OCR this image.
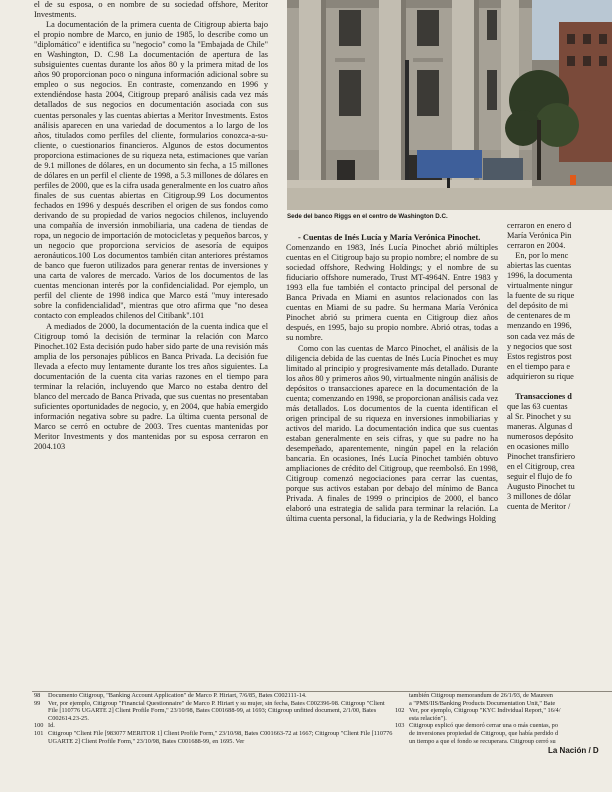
el de su esposa, o en nombre de su sociedad offshore, Meritor Investments.

La documentación de la primera cuenta de Citigroup abierta bajo el propio nombre de Marco, en junio de 1985, lo describe como un "diplomático" e identifica su "negocio" como la "Embajada de Chile" en Washington, D. C.98 La documentación de apertura de las subsiguientes cuentas durante los años 80 y la primera mitad de los años 90 proporcionan poco o ninguna información adicional sobre su empleo o sus negocios. En contraste, comenzando en 1996 y extendiéndose hasta 2004, Citigroup preparó análisis cada vez más detallados de sus negocios en documentación asociada con sus cuentas personales y las cuentas abiertas a Meritor Investments. Estos análisis aparecen en una variedad de documentos a lo largo de los años, titulados como perfiles del cliente, formularios conozca-a-su-cliente, o cuestionarios financieros. Algunos de estos documentos proporciona estimaciones de su riqueza neta, estimaciones que varían de 9.1 millones de dólares, en un documento sin fecha, a 15 millones de dólares en un perfil el cliente de 1998, a 5.3 millones de dólares en perfiles de 2000, que es la cifra usada generalmente en los cuatro años finales de sus cuentas abiertas en Citigroup.99 Los documentos fechados en 1996 y después describen el origen de sus fondos como derivando de su propiedad de varios negocios chilenos, incluyendo una compañía de inversión inmobiliaria, una cadena de tiendas de ropa, un negocio de importación de motocicletas y pequeños barcos, y un negocio que proporciona servicios de asesoría de equipos aeronáuticos.100 Los documentos también citan anteriores préstamos de banco que fueron utilizados para generar rentas de inversiones y una carta de valores de mercado. Varios de los documentos de las cuentas mencionan interés por la confidencialidad. Por ejemplo, un perfil del cliente de 1998 indica que Marco está "muy interesado sobre la confidencialidad", mientras que otro afirma que "no desea contacto con empleados chilenos del Citibank".101

A mediados de 2000, la documentación de la cuenta indica que el Citigroup tomó la decisión de terminar la relación con Marco Pinochet.102 Esta decisión pudo haber sido parte de una revisión más amplia de los personajes públicos en Banca Privada. La decisión fue llevada a efecto muy lentamente durante los tres años siguientes. La documentación de la cuenta cita varias razones en el tiempo para terminar la relación, incluyendo que Marco no estaba dentro del blanco del mercado de Banca Privada, que sus cuentas no presentaban suficientes oportunidades de negocio, y, en 2004, que había emergido información negativa sobre su padre. La última cuenta personal de Marco se cerró en octubre de 2003. Tres cuentas mantenidas por Meritor Investments y dos mantenidas por su esposa cerraron en 2004.103

Sede del banco Riggs en el centro de Washington D.C.

- Cuentas de Inés Lucía y María Verónica Pinochet.

Comenzando en 1983, Inés Lucía Pinochet abrió múltiples cuentas en el Citigroup bajo su propio nombre; el nombre de su sociedad offshore, Redwing Holdings; y el nombre de su fiduciario offshore numerado, Trust MT-4964N. Entre 1983 y 1993 ella fue también el contacto principal del personal de Banca Privada en Miami en asuntos relacionados con las cuentas en Miami de su padre. Su hermana María Verónica Pinochet abrió su primera cuenta en Citigroup diez años después, en 1995, bajo su propio nombre. Abrió otras, todas a su nombre.

Como con las cuentas de Marco Pinochet, el análisis de la diligencia debida de las cuentas de Inés Lucía Pinochet es muy limitado al principio y progresivamente más detallado. Durante los años 80 y primeros años 90, virtualmente ningún análisis de depósitos o transacciones aparece en la documentación de la cuenta; comenzando en 1998, se proporcionan análisis cada vez más detallados. Los documentos de la cuenta identifican el origen principal de su riqueza en inversiones inmobiliarias y activos del marido. La documentación indica que sus cuentas estaban generalmente en seis cifras, y que su padre no ha desempeñado, aparentemente, ningún papel en la relación bancaria. En ocasiones, Inés Lucía Pinochet también obtuvo ampliaciones de crédito del Citigroup, que reembolsó. En 1998, Citigroup comenzó negociaciones para cerrar las cuentas, porque sus activos estaban por debajo del mínimo de Banca Privada. A finales de 1999 o principios de 2000, el banco elaboró una estrategia de salida para terminar la relación. La última cuenta personal, la fiduciaria, y la de Redwings Holding

cerraron en enero d
María Verónica Pin
cerraron en 2004.
En, por lo menc
abiertas las cuentas
1996, la documenta
virtualmente ningur
la fuente de su rique
del depósito de mi
de centenares de m
menzando en 1996,
son cada vez más de
y negocios que sost
Estos registros post
en el tiempo para e
adquirieron su rique
Transacciones d
que las 63 cuentas
al Sr. Pinochet y su
maneras. Algunas d
numerosos depósito
en ocasiones millo
Pinochet transfiriero
en el Citigroup, crea
seguir el flujo de fo
Augusto Pinochet tu
3 millones de dólar
cuenta de Meritor /
98	Documento Citigroup, "Banking Account Application" de Marco P. Hiriart, 7/6/85, Bates C002111-14.
99	Ver, por ejemplo, Citigroup "Financial Questionnaire" de Marco P. Hiriart y su mujer, sin fecha, Bates C002396-98. Citigroup "Client File [110776 UGARTE 2] Client Profile Form," 23/10/98, Bates C001688-99, at 1693; Citigroup unfitted document, 2/1/00, Bates C002614.23-25.
100 Id.
101 Citigroup "Client File [983077 MERITOR 1] Client Profile Form," 23/10/98, Bates C001663-72 at 1667; Citigroup "Client File [110776 UGARTE 2] Client Profile Form," 23/10/98, Bates C001688-99, en 1695. Ver
también Citigroup memorandum de 26/1/93, de Maureen
a "PMS/IIS/Banking Products Documentation Unit," Bate
102 Ver, por ejemplo, Citigroup "KYC Individual Report," 16/4/
esta relación").
103 Citigroup explicó que demoró cerrar una o más cuentas, po
de inversiones propiedad de Citigroup, que había perdido d
un tiempo a que el fondo se recuperara. Citigroup cerró su
La Nación / D
